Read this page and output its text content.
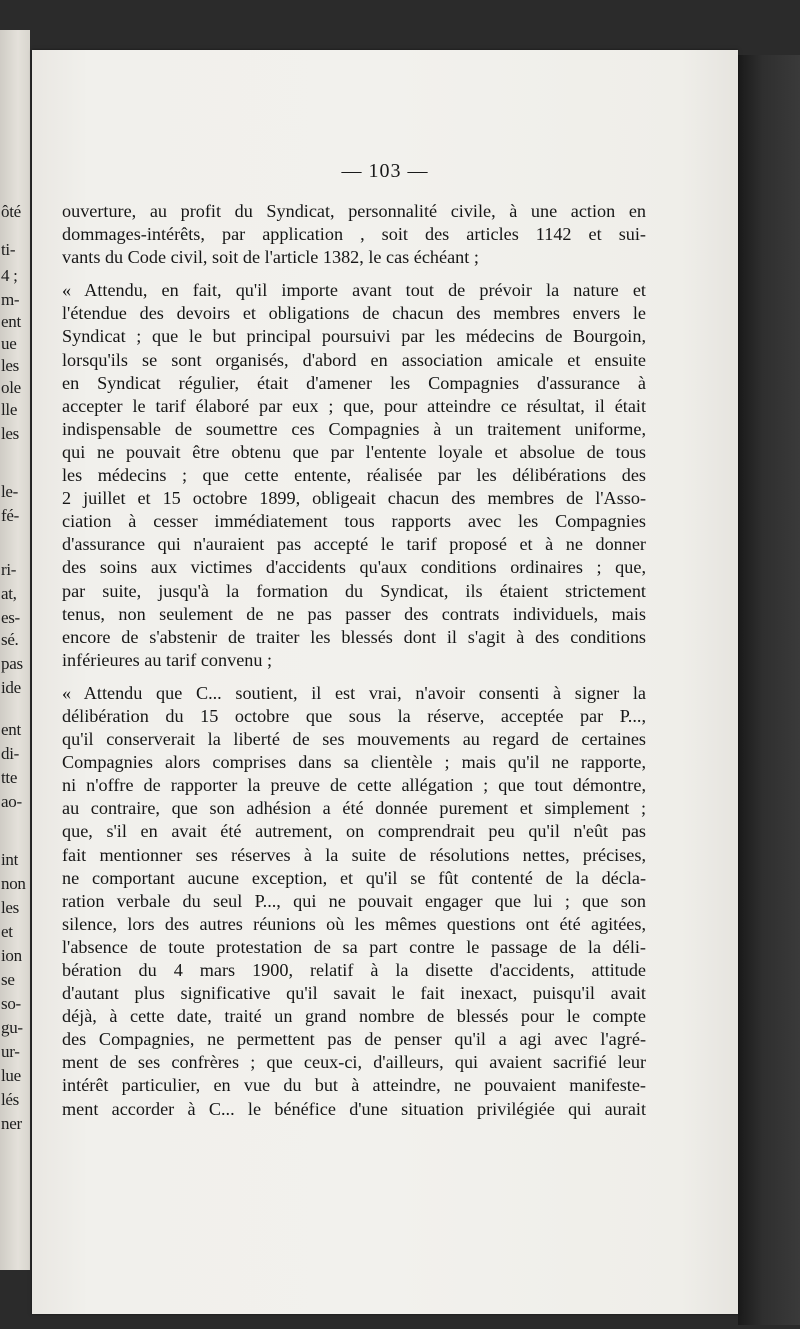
ôté
ti-
4 ;
m-
ent
ue
les
ole
lle
les
le-
fé-
ri-
at,
es-
sé.
pas
ide
ent
di-
tte
ao-
int
non
les
et
ion
se
so-
gu-
ur-
lue
lés
ner
— 103 —
ouverture, au profit du Syndicat, personnalité civile, à une action en
dommages-intérêts, par application , soit des articles 1142 et sui-
vants du Code civil, soit de l'article 1382, le cas échéant ;
« Attendu, en fait, qu'il importe avant tout de prévoir la nature et
l'étendue des devoirs et obligations de chacun des membres envers le
Syndicat ; que le but principal poursuivi par les médecins de Bourgoin,
lorsqu'ils se sont organisés, d'abord en association amicale et ensuite
en Syndicat régulier, était d'amener les Compagnies d'assurance à
accepter le tarif élaboré par eux ; que, pour atteindre ce résultat, il était
indispensable de soumettre ces Compagnies à un traitement uniforme,
qui ne pouvait être obtenu que par l'entente loyale et absolue de tous
les médecins ; que cette entente, réalisée par les délibérations des
2 juillet et 15 octobre 1899, obligeait chacun des membres de l'Asso-
ciation à cesser immédiatement tous rapports avec les Compagnies
d'assurance qui n'auraient pas accepté le tarif proposé et à ne donner
des soins aux victimes d'accidents qu'aux conditions ordinaires ; que,
par suite, jusqu'à la formation du Syndicat, ils étaient strictement
tenus, non seulement de ne pas passer des contrats individuels, mais
encore de s'abstenir de traiter les blessés dont il s'agit à des conditions
inférieures au tarif convenu ;
« Attendu que C... soutient, il est vrai, n'avoir consenti à signer la
délibération du 15 octobre que sous la réserve, acceptée par P...,
qu'il conserverait la liberté de ses mouvements au regard de certaines
Compagnies alors comprises dans sa clientèle ; mais qu'il ne rapporte,
ni n'offre de rapporter la preuve de cette allégation ; que tout démontre,
au contraire, que son adhésion a été donnée purement et simplement ;
que, s'il en avait été autrement, on comprendrait peu qu'il n'eût pas
fait mentionner ses réserves à la suite de résolutions nettes, précises,
ne comportant aucune exception, et qu'il se fût contenté de la décla-
ration verbale du seul P..., qui ne pouvait engager que lui ; que son
silence, lors des autres réunions où les mêmes questions ont été agitées,
l'absence de toute protestation de sa part contre le passage de la déli-
bération du 4 mars 1900, relatif à la disette d'accidents, attitude
d'autant plus significative qu'il savait le fait inexact, puisqu'il avait
déjà, à cette date, traité un grand nombre de blessés pour le compte
des Compagnies, ne permettent pas de penser qu'il a agi avec l'agré-
ment de ses confrères ; que ceux-ci, d'ailleurs, qui avaient sacrifié leur
intérêt particulier, en vue du but à atteindre, ne pouvaient manifeste-
ment accorder à C... le bénéfice d'une situation privilégiée qui aurait
